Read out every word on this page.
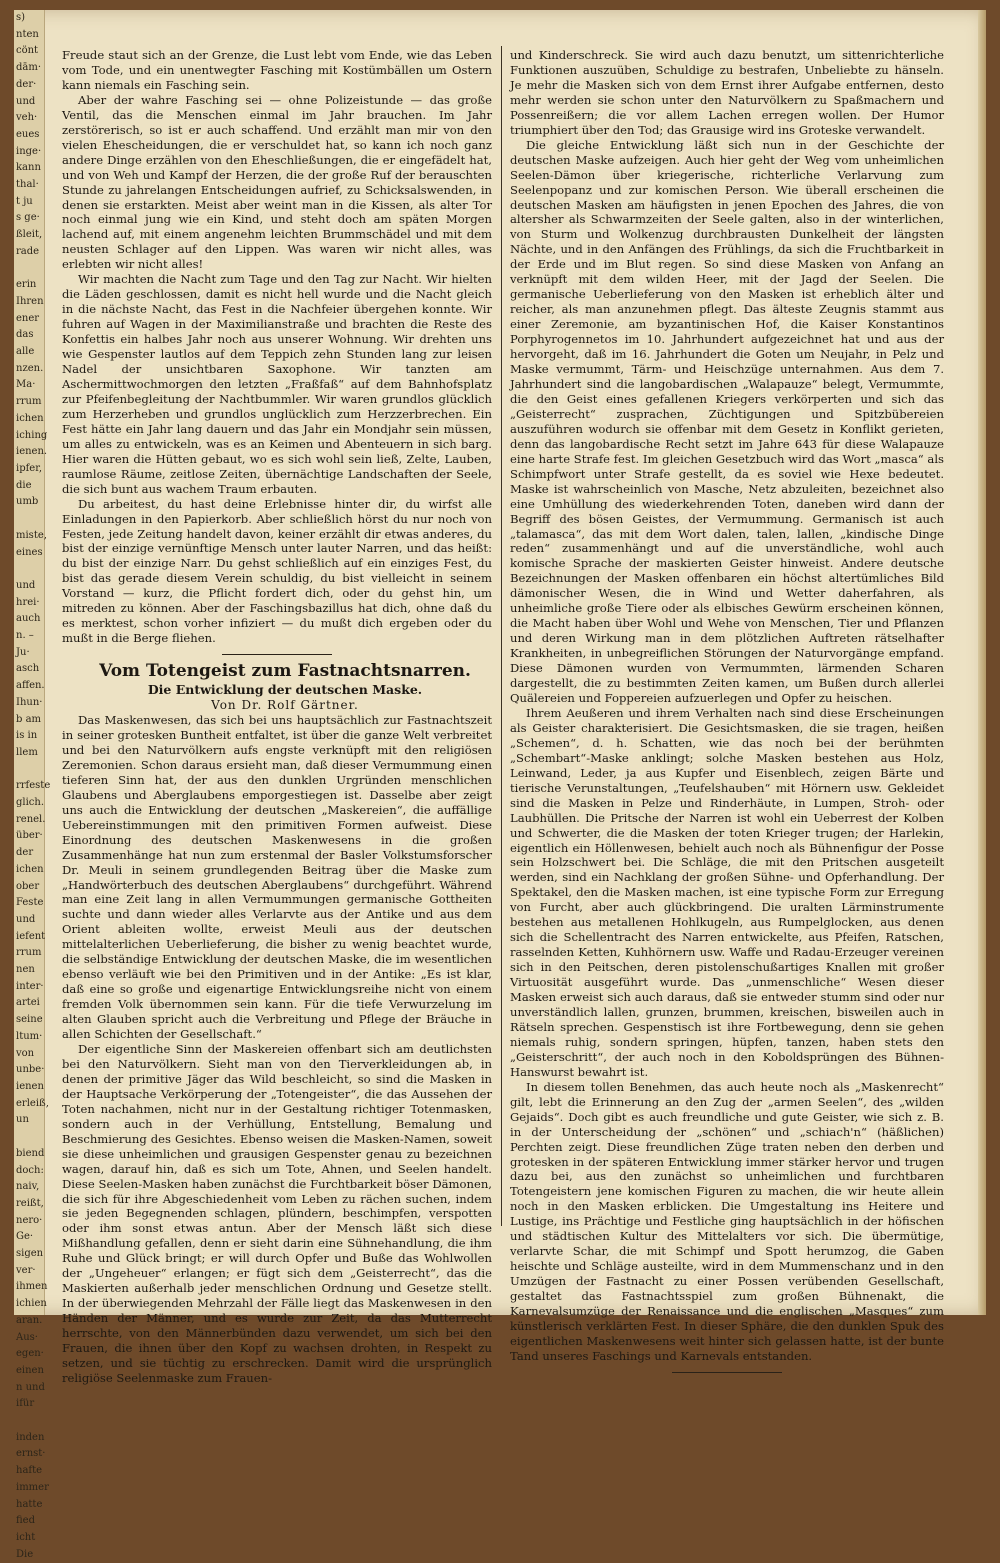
s)
nten
cönt
dām·
der·
und
veh·
eues
inge·
kann
thal·
t ju
s ge·
ßleit,
rade

erin
Ihren
ener
das
alle
nzen.
Ma·
rrum
ichen
iching
ienen.
ipfer,
die
umb

miste,
eines

und
hrei·
auch
n. –
Ju·
asch
affen.
Ihun·
b am
is in
llem

rrfeste
glich.
renel.
über·
der
ichen
ober
Feste
und
iefent
rrum
nen
inter·
artei
seine
ltum·
von
unbe·
ienen
erleiß,
un

biend
doch:
naiv,
reißt,
nero·
Ge·
sigen
ver·
ihmen
ichien
aran.
Aus·
egen·
einen
n und
ifür

inden
ernst·
hafte
immer
hatte
fied
icht
Die

Freude staut sich an der Grenze, die Lust lebt vom Ende, wie das Leben vom Tode, und ein unentwegter Fasching mit Kostümbällen um Ostern kann niemals ein Fasching sein.

Aber der wahre Fasching sei — ohne Polizeistunde — das große Ventil, das die Menschen einmal im Jahr brauchen. Im Jahr zerstörerisch, so ist er auch schaffend. Und erzählt man mir von den vielen Ehescheidungen, die er verschuldet hat, so kann ich noch ganz andere Dinge erzählen von den Eheschließungen, die er eingefädelt hat, und von Weh und Kampf der Herzen, die der große Ruf der berauschten Stunde zu jahrelangen Entscheidungen aufrief, zu Schicksalswenden, in denen sie erstarkten. Meist aber weint man in die Kissen, als alter Tor noch einmal jung wie ein Kind, und steht doch am späten Morgen lachend auf, mit einem angenehm leichten Brummschädel und mit dem neusten Schlager auf den Lippen. Was waren wir nicht alles, was erlebten wir nicht alles!

Wir machten die Nacht zum Tage und den Tag zur Nacht. Wir hielten die Läden geschlossen, damit es nicht hell wurde und die Nacht gleich in die nächste Nacht, das Fest in die Nachfeier übergehen konnte. Wir fuhren auf Wagen in der Maximilianstraße und brachten die Reste des Konfettis ein halbes Jahr noch aus unserer Wohnung. Wir drehten uns wie Gespenster lautlos auf dem Teppich zehn Stunden lang zur leisen Nadel der unsichtbaren Saxophone. Wir tanzten am Aschermittwochmorgen den letzten „Fraßfaß“ auf dem Bahnhofsplatz zur Pfeifenbegleitung der Nachtbummler. Wir waren grundlos glücklich zum Herzerheben und grundlos unglücklich zum Herzzerbrechen. Ein Fest hätte ein Jahr lang dauern und das Jahr ein Mondjahr sein müssen, um alles zu entwickeln, was es an Keimen und Abenteuern in sich barg. Hier waren die Hütten gebaut, wo es sich wohl sein ließ, Zelte, Lauben, raumlose Räume, zeitlose Zeiten, übernächtige Landschaften der Seele, die sich bunt aus wachem Traum erbauten.

Du arbeitest, du hast deine Erlebnisse hinter dir, du wirfst alle Einladungen in den Papierkorb. Aber schließlich hörst du nur noch von Festen, jede Zeitung handelt davon, keiner erzählt dir etwas anderes, du bist der einzige vernünftige Mensch unter lauter Narren, und das heißt: du bist der einzige Narr. Du gehst schließlich auf ein einziges Fest, du bist das gerade diesem Verein schuldig, du bist vielleicht in seinem Vorstand — kurz, die Pflicht fordert dich, oder du gehst hin, um mitreden zu können. Aber der Faschingsbazillus hat dich, ohne daß du es merktest, schon vorher infiziert — du mußt dich ergeben oder du mußt in die Berge fliehen.

Vom Totengeist zum Fastnachtsnarren.

Die Entwicklung der deutschen Maske.

Von Dr. Rolf Gärtner.

Das Maskenwesen, das sich bei uns hauptsächlich zur Fastnachtszeit in seiner grotesken Buntheit entfaltet, ist über die ganze Welt verbreitet und bei den Naturvölkern aufs engste verknüpft mit den religiösen Zeremonien. Schon daraus ersieht man, daß dieser Vermummung einen tieferen Sinn hat, der aus den dunklen Urgründen menschlichen Glaubens und Aberglaubens emporgestiegen ist. Dasselbe aber zeigt uns auch die Entwicklung der deutschen „Maskereien“, die auffällige Uebereinstimmungen mit den primitiven Formen aufweist. Diese Einordnung des deutschen Maskenwesens in die großen Zusammenhänge hat nun zum erstenmal der Basler Volkstumsforscher Dr. Meuli in seinem grundlegenden Beitrag über die Maske zum „Handwörterbuch des deutschen Aberglaubens“ durchgeführt. Während man eine Zeit lang in allen Vermummungen germanische Gottheiten suchte und dann wieder alles Verlarvte aus der Antike und aus dem Orient ableiten wollte, erweist Meuli aus der deutschen mittelalterlichen Ueberlieferung, die bisher zu wenig beachtet wurde, die selbständige Entwicklung der deutschen Maske, die im wesentlichen ebenso verläuft wie bei den Primitiven und in der Antike: „Es ist klar, daß eine so große und eigenartige Entwicklungsreihe nicht von einem fremden Volk übernommen sein kann. Für die tiefe Verwurzelung im alten Glauben spricht auch die Verbreitung und Pflege der Bräuche in allen Schichten der Gesellschaft.“

Der eigentliche Sinn der Maskereien offenbart sich am deutlichsten bei den Naturvölkern. Sieht man von den Tierverkleidungen ab, in denen der primitive Jäger das Wild beschleicht, so sind die Masken in der Hauptsache Verkörperung der „Totengeister“, die das Aussehen der Toten nachahmen, nicht nur in der Gestaltung richtiger Totenmasken, sondern auch in der Verhüllung, Entstellung, Bemalung und Beschmierung des Gesichtes. Ebenso weisen die Masken-Namen, soweit sie diese unheimlichen und grausigen Gespenster genau zu bezeichnen wagen, darauf hin, daß es sich um Tote, Ahnen, und Seelen handelt. Diese Seelen-Masken haben zunächst die Furchtbarkeit böser Dämonen, die sich für ihre Abgeschiedenheit vom Leben zu rächen suchen, indem sie jeden Begegnenden schlagen, plündern, beschimpfen, verspotten oder ihm sonst etwas antun. Aber der Mensch läßt sich diese Mißhandlung gefallen, denn er sieht darin eine Sühnehandlung, die ihm Ruhe und Glück bringt; er will durch Opfer und Buße das Wohlwollen der „Ungeheuer“ erlangen; er fügt sich dem „Geisterrecht“, das die Maskierten außerhalb jeder menschlichen Ordnung und Gesetze stellt. In der überwiegenden Mehrzahl der Fälle liegt das Maskenwesen in den Händen der Männer, und es wurde zur Zeit, da das Mutterrecht herrschte, von den Männerbünden dazu verwendet, um sich bei den Frauen, die ihnen über den Kopf zu wachsen drohten, in Respekt zu setzen, und sie tüchtig zu erschrecken. Damit wird die ursprünglich religiöse Seelenmaske zum Frauen-

und Kinderschreck. Sie wird auch dazu benutzt, um sittenrichterliche Funktionen auszuüben, Schuldige zu bestrafen, Unbeliebte zu hänseln. Je mehr die Masken sich von dem Ernst ihrer Aufgabe entfernen, desto mehr werden sie schon unter den Naturvölkern zu Spaßmachern und Possenreißern; die vor allem Lachen erregen wollen. Der Humor triumphiert über den Tod; das Grausige wird ins Groteske verwandelt.

Die gleiche Entwicklung läßt sich nun in der Geschichte der deutschen Maske aufzeigen. Auch hier geht der Weg vom unheimlichen Seelen-Dämon über kriegerische, richterliche Verlarvung zum Seelenpopanz und zur komischen Person. Wie überall erscheinen die deutschen Masken am häufigsten in jenen Epochen des Jahres, die von altersher als Schwarmzeiten der Seele galten, also in der winterlichen, von Sturm und Wolkenzug durchbrausten Dunkelheit der längsten Nächte, und in den Anfängen des Frühlings, da sich die Fruchtbarkeit in der Erde und im Blut regen. So sind diese Masken von Anfang an verknüpft mit dem wilden Heer, mit der Jagd der Seelen. Die germanische Ueberlieferung von den Masken ist erheblich älter und reicher, als man anzunehmen pflegt. Das älteste Zeugnis stammt aus einer Zeremonie, am byzantinischen Hof, die Kaiser Konstantinos Porphyrogennetos im 10. Jahrhundert aufgezeichnet hat und aus der hervorgeht, daß im 16. Jahrhundert die Goten um Neujahr, in Pelz und Maske vermummt, Tärm- und Heischzüge unternahmen. Aus dem 7. Jahrhundert sind die langobardischen „Walapauze“ belegt, Vermummte, die den Geist eines gefallenen Kriegers verkörperten und sich das „Geisterrecht“ zusprachen, Züchtigungen und Spitzbübereien auszuführen wodurch sie offenbar mit dem Gesetz in Konflikt gerieten, denn das langobardische Recht setzt im Jahre 643 für diese Walapauze eine harte Strafe fest. Im gleichen Gesetzbuch wird das Wort „masca“ als Schimpfwort unter Strafe gestellt, da es soviel wie Hexe bedeutet. Maske ist wahrscheinlich von Masche, Netz abzuleiten, bezeichnet also eine Umhüllung des wiederkehrenden Toten, daneben wird dann der Begriff des bösen Geistes, der Vermummung. Germanisch ist auch „talamasca“, das mit dem Wort dalen, talen, lallen, „kindische Dinge reden“ zusammenhängt und auf die unverständliche, wohl auch komische Sprache der maskierten Geister hinweist. Andere deutsche Bezeichnungen der Masken offenbaren ein höchst altertümliches Bild dämonischer Wesen, die in Wind und Wetter daherfahren, als unheimliche große Tiere oder als elbisches Gewürm erscheinen können, die Macht haben über Wohl und Wehe von Menschen, Tier und Pflanzen und deren Wirkung man in dem plötzlichen Auftreten rätselhafter Krankheiten, in unbegreiflichen Störungen der Naturvorgänge empfand. Diese Dämonen wurden von Vermummten, lärmenden Scharen dargestellt, die zu bestimmten Zeiten kamen, um Bußen durch allerlei Quälereien und Foppereien aufzuerlegen und Opfer zu heischen.

Ihrem Aeußeren und ihrem Verhalten nach sind diese Erscheinungen als Geister charakterisiert. Die Gesichtsmasken, die sie tragen, heißen „Schemen“, d. h. Schatten, wie das noch bei der berühmten „Schembart“-Maske anklingt; solche Masken bestehen aus Holz, Leinwand, Leder, ja aus Kupfer und Eisenblech, zeigen Bärte und tierische Verunstaltungen, „Teufelshauben“ mit Hörnern usw. Gekleidet sind die Masken in Pelze und Rinderhäute, in Lumpen, Stroh- oder Laubhüllen. Die Pritsche der Narren ist wohl ein Ueberrest der Kolben und Schwerter, die die Masken der toten Krieger trugen; der Harlekin, eigentlich ein Höllenwesen, behielt auch noch als Bühnenfigur der Posse sein Holzschwert bei. Die Schläge, die mit den Pritschen ausgeteilt werden, sind ein Nachklang der großen Sühne- und Opferhandlung. Der Spektakel, den die Masken machen, ist eine typische Form zur Erregung von Furcht, aber auch glückbringend. Die uralten Lärminstrumente bestehen aus metallenen Hohlkugeln, aus Rumpelglocken, aus denen sich die Schellentracht des Narren entwickelte, aus Pfeifen, Ratschen, rasselnden Ketten, Kuhhörnern usw. Waffe und Radau-Erzeuger vereinen sich in den Peitschen, deren pistolenschußartiges Knallen mit großer Virtuosität ausgeführt wurde. Das „unmenschliche“ Wesen dieser Masken erweist sich auch daraus, daß sie entweder stumm sind oder nur unverständlich lallen, grunzen, brummen, kreischen, bisweilen auch in Rätseln sprechen. Gespenstisch ist ihre Fortbewegung, denn sie gehen niemals ruhig, sondern springen, hüpfen, tanzen, haben stets den „Geisterschritt“, der auch noch in den Koboldsprüngen des Bühnen-Hanswurst bewahrt ist.

In diesem tollen Benehmen, das auch heute noch als „Maskenrecht“ gilt, lebt die Erinnerung an den Zug der „armen Seelen“, des „wilden Gejaids“. Doch gibt es auch freundliche und gute Geister, wie sich z. B. in der Unterscheidung der „schönen“ und „schiach'n“ (häßlichen) Perchten zeigt. Diese freundlichen Züge traten neben den derben und grotesken in der späteren Entwicklung immer stärker hervor und trugen dazu bei, aus den zunächst so unheimlichen und furchtbaren Totengeistern jene komischen Figuren zu machen, die wir heute allein noch in den Masken erblicken. Die Umgestaltung ins Heitere und Lustige, ins Prächtige und Festliche ging hauptsächlich in der höfischen und städtischen Kultur des Mittelalters vor sich. Die übermütige, verlarvte Schar, die mit Schimpf und Spott herumzog, die Gaben heischte und Schläge austeilte, wird in dem Mummenschanz und in den Umzügen der Fastnacht zu einer Possen verübenden Gesellschaft, gestaltet das Fastnachtsspiel zum großen Bühnenakt, die Karnevalsumzüge der Renaissance und die englischen „Masques“ zum künstlerisch verklärten Fest. In dieser Sphäre, die den dunklen Spuk des eigentlichen Maskenwesens weit hinter sich gelassen hatte, ist der bunte Tand unseres Faschings und Karnevals entstanden.
